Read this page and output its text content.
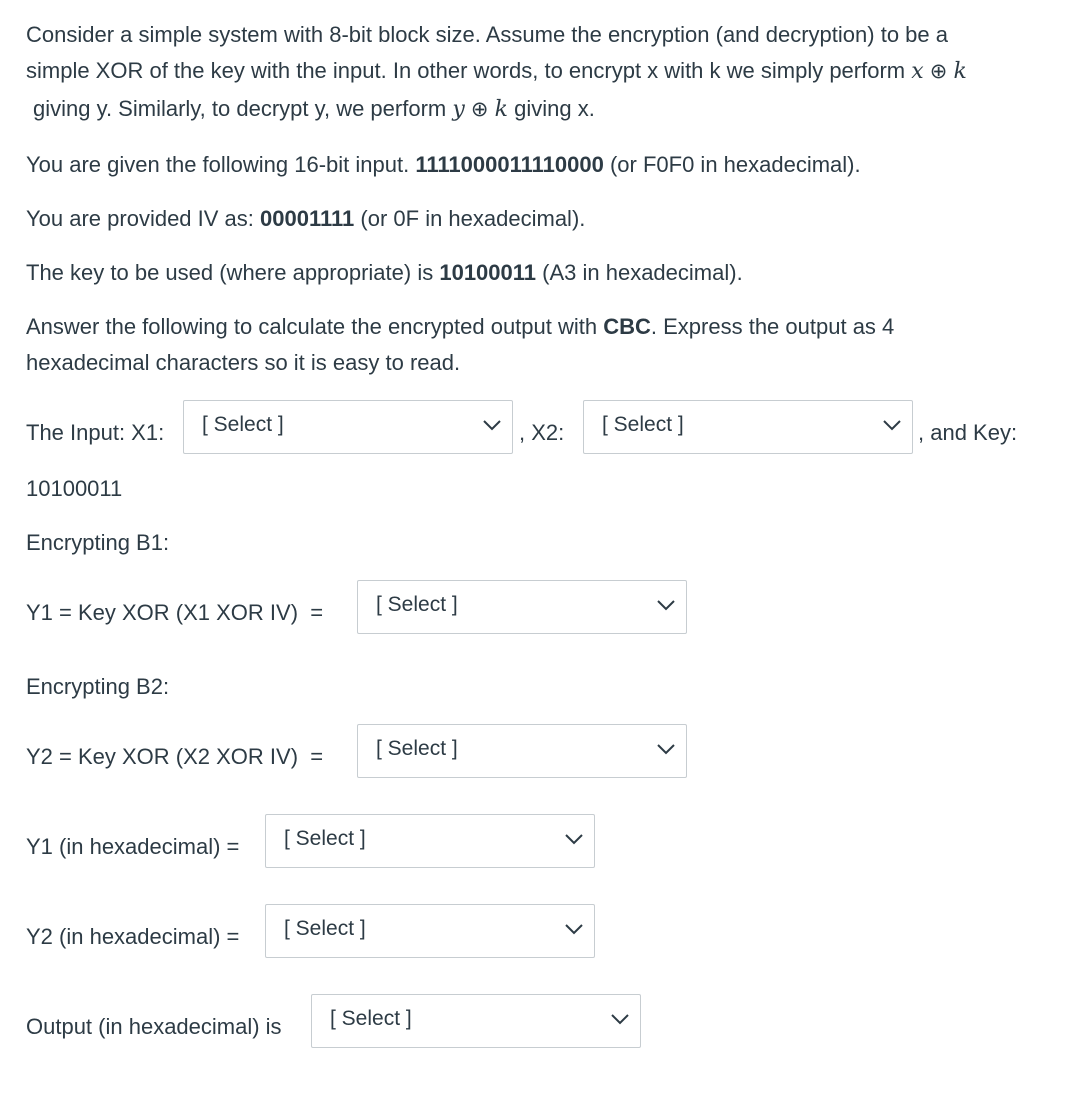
Consider a simple system with 8-bit block size. Assume the encryption (and decryption) to be a
simple XOR of the key with the input. In other words, to encrypt x with k we simply perform x ⊕ k
giving y. Similarly, to decrypt y, we perform y ⊕ k giving x.
You are given the following 16-bit input. 1111000011110000 (or F0F0 in hexadecimal).
You are provided IV as: 00001111 (or 0F in hexadecimal).
The key to be used (where appropriate) is 10100011 (A3 in hexadecimal).
Answer the following to calculate the encrypted output with CBC. Express the output as 4
hexadecimal characters so it is easy to read.
The Input: X1: [ Select ]	, X2: [ Select ]	, and Key:
10100011
Encrypting B1:
Y1 = Key XOR (X1 XOR IV)  =	[ Select ]
Encrypting B2:
Y2 = Key XOR (X2 XOR IV)  =	[ Select ]
Y1 (in hexadecimal) = [ Select ]
Y2 (in hexadecimal) = [ Select ]
Output (in hexadecimal) is [ Select ]
